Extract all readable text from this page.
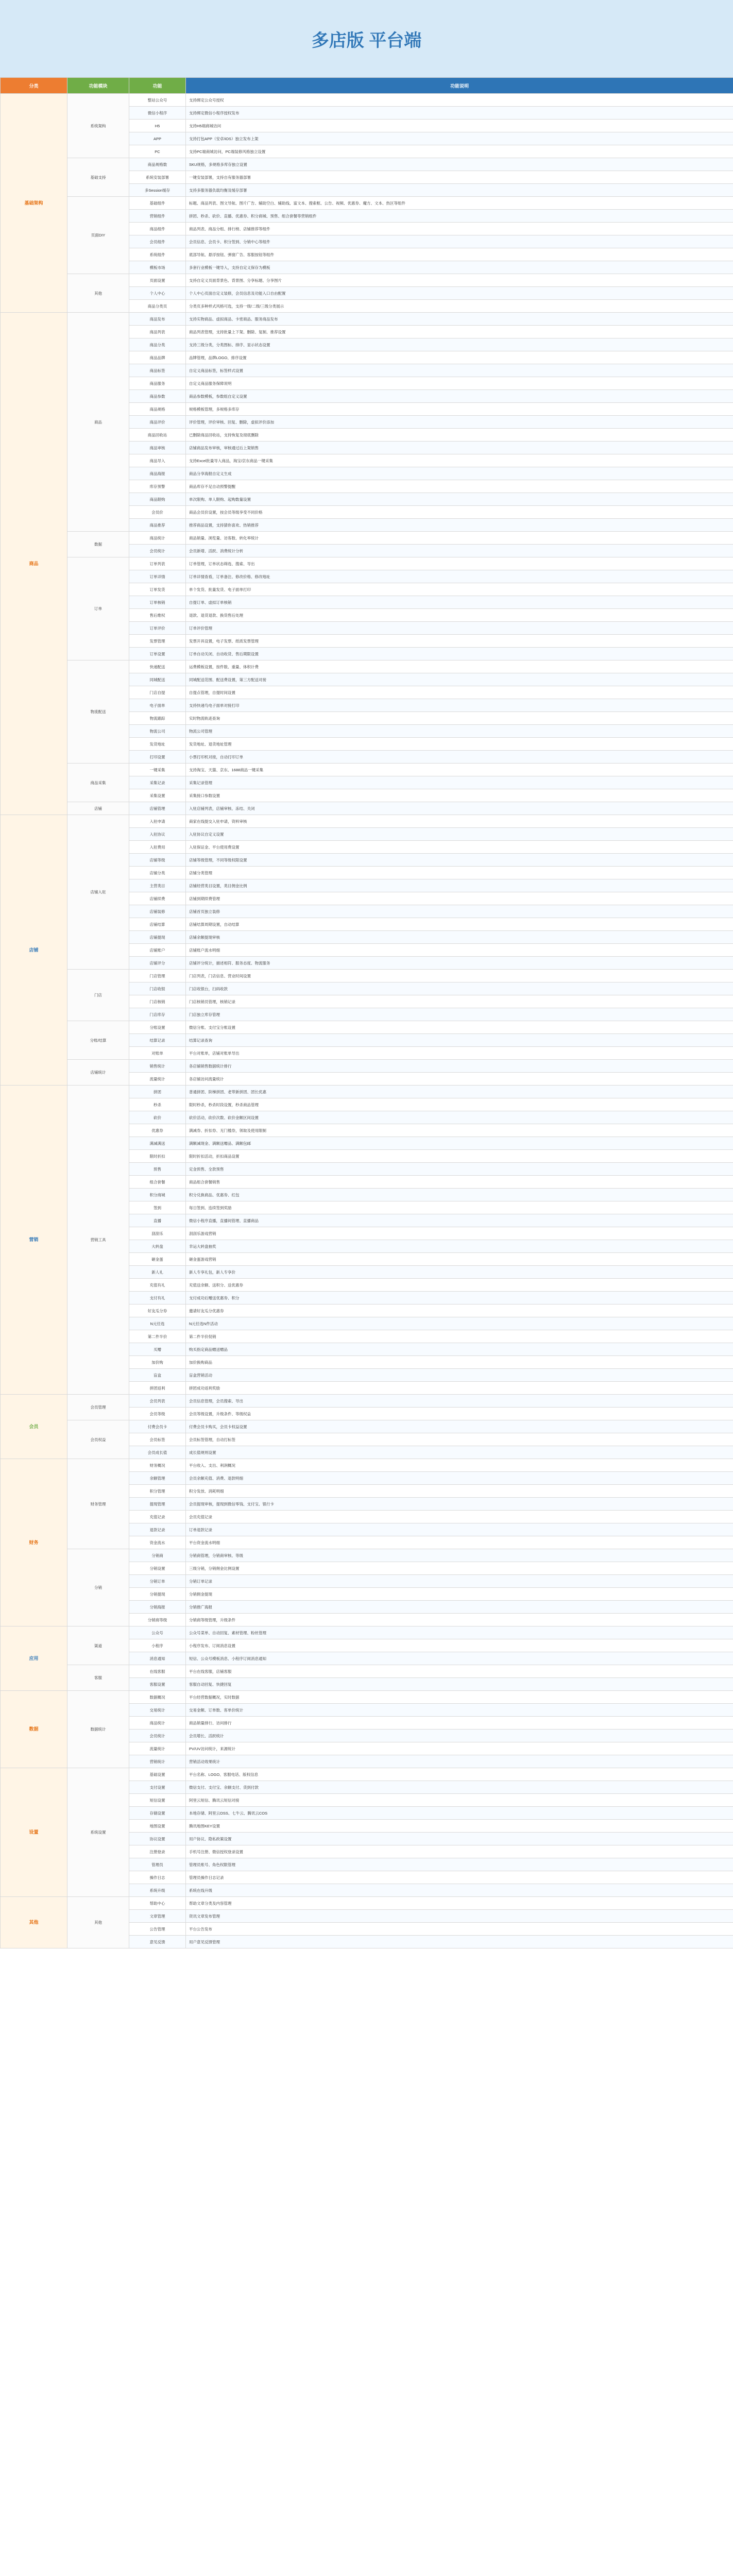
多店版 平台端
分类	功能模块	功能	功能说明
基础架构	系统架构	整站公众号	支持绑定公众号授权
		微信小程序	支持绑定微信小程序授权发布
		H5	支持H5端商城访问
		APP	支持打包APP（安卓/iOS）独立发布上架
		PC	支持PC端商城访问，PC端装修风格独立设置
	基础支持	商品规格数	SKU规格，多规格多库存独立设置
		系统安装部署	一键安装部署，支持自有服务器部署
		多Session缓存	支持多服务器负载均衡及缓存部署
	页面DIY	基础组件	标题、商品列表、图文导航、图片广告、辅助空白、辅助线、富文本、搜索框、公告、视频、优惠券、魔方、文本、热区等组件
		营销组件	拼团、秒杀、砍价、直播、优惠券、积分商城、预售、组合套餐等营销组件
		商品组件	商品列表、商品分组、排行榜、店铺推荐等组件
		会员组件	会员信息、会员卡、积分签到、分销中心等组件
		系统组件	底部导航、悬浮按钮、弹窗广告、客服按钮等组件
		模板市场	多套行业模板一键导入，支持自定义保存为模板
	其他	页面设置	支持自定义页面背景色、背景图、分享标题、分享图片
		个人中心	个人中心页面自定义装修，会员信息及功能入口自由配置
		商品分类页	分类页多种样式风格可选，支持一级/二级/三级分类展示
商品	商品	商品发布	支持实物商品、虚拟商品、卡密商品、服务商品发布
		商品列表	商品列表管理，支持批量上下架、删除、复制、推荐设置
		商品分类	支持三级分类，分类图标、排序、显示状态设置
		商品品牌	品牌管理，品牌LOGO、排序设置
		商品标签	自定义商品标签，标签样式设置
		商品服务	自定义商品服务保障说明
		商品参数	商品参数模板，参数组自定义设置
		商品规格	规格模板管理，多规格多库存
		商品评价	评价管理，评价审核、回复、删除，虚拟评价添加
		商品回收站	已删除商品回收站，支持恢复及彻底删除
		商品审核	店铺商品发布审核，审核通过后上架销售
		商品导入	支持Excel批量导入商品，淘宝/京东商品一键采集
		商品海报	商品分享海报自定义生成
		库存预警	商品库存不足自动预警提醒
		商品限购	单次限购、单人限购、起购数量设置
		会员价	商品会员价设置，按会员等级享受不同价格
		商品推荐	推荐商品设置，支持猜你喜欢、热销推荐
	数据	商品统计	商品销量、浏览量、访客数、转化率统计
		会员统计	会员新增、活跃、消费统计分析
	订单	订单列表	订单管理，订单状态筛选、搜索、导出
		订单详情	订单详情查看，订单备注、修改价格、修改地址
		订单发货	单个发货、批量发货、电子面单打印
		订单核销	自提订单、虚拟订单核销
		售后维权	退款、退货退款、换货售后处理
		订单评价	订单评价管理
		发票管理	发票开具设置，电子发票、纸质发票管理
		订单设置	订单自动关闭、自动收货、售后期限设置
	物流配送	快递配送	运费模板设置，按件数、重量、体积计费
		同城配送	同城配送范围、配送费设置，第三方配送对接
		门店自提	自提点管理，自提时间设置
		电子面单	支持快递鸟电子面单对接打印
		物流跟踪	实时物流轨迹查询
		物流公司	物流公司管理
		发货地址	发货地址、退货地址管理
		打印设置	小票打印机对接，自动打印订单
	商品采集	一键采集	支持淘宝、天猫、京东、1688商品一键采集
		采集记录	采集记录管理
		采集设置	采集接口参数设置
	店铺	店铺管理	入驻店铺列表，店铺审核、冻结、关闭
店铺	店铺入驻	入驻申请	商家在线提交入驻申请，资料审核
		入驻协议	入驻协议自定义设置
		入驻费用	入驻保证金、平台使用费设置
		店铺等级	店铺等级管理，不同等级权限设置
		店铺分类	店铺分类管理
		主营类目	店铺经营类目设置，类目佣金比例
		店铺续费	店铺到期续费管理
		店铺装修	店铺首页独立装修
		店铺结算	店铺结算周期设置，自动结算
		店铺提现	店铺余额提现审核
		店铺账户	店铺账户流水明细
		店铺评分	店铺评分统计，描述相符、服务态度、物流服务
	门店	门店管理	门店列表，门店信息、营业时间设置
		门店收银	门店收银台，扫码收款
		门店核销	门店核销员管理，核销记录
		门店库存	门店独立库存管理
	分账/结算	分账设置	微信分账、支付宝分账设置
		结算记录	结算记录查询
		对账单	平台对账单，店铺对账单导出
	店铺统计	销售统计	各店铺销售数据统计排行
		流量统计	各店铺访问流量统计
营销	营销工具	拼团	普通拼团、阶梯拼团、老带新拼团、团长优惠
		秒杀	限时秒杀，秒杀时段设置，秒杀商品管理
		砍价	砍价活动，砍价次数、砍价金额区间设置
		优惠券	满减券、折扣券、无门槛券，领取及使用限制
		满减满送	满额减现金、满额送赠品、满额包邮
		限时折扣	限时折扣活动，折扣商品设置
		预售	定金预售、全款预售
		组合套餐	商品组合套餐销售
		积分商城	积分兑换商品、优惠券、红包
		签到	每日签到、连续签到奖励
		直播	微信小程序直播，直播间管理、直播商品
		刮刮乐	刮刮乐游戏营销
		大转盘	幸运大转盘抽奖
		砸金蛋	砸金蛋游戏营销
		新人礼	新人专享礼包，新人专享价
		充值有礼	充值送余额、送积分、送优惠券
		支付有礼	支付成功后赠送优惠券、积分
		好友瓜分券	邀请好友瓜分优惠券
		N元任选	N元任选N件活动
		第二件半价	第二件半价促销
		买赠	购买指定商品赠送赠品
		加价购	加价换购商品
		盲盒	盲盒营销活动
		拼团返利	拼团成功返利奖励
会员	会员管理	会员列表	会员信息管理，会员搜索、导出
		会员等级	会员等级设置，升级条件、等级权益
	会员权益	付费会员卡	付费会员卡购买，会员卡权益设置
		会员标签	会员标签管理，自动打标签
		会员成长值	成长值规则设置
财务	财务管理	财务概况	平台收入、支出、利润概况
		余额管理	会员余额充值、消费、退款明细
		积分管理	积分发放、消耗明细
		提现管理	会员提现审核，提现到微信零钱、支付宝、银行卡
		充值记录	会员充值记录
		退款记录	订单退款记录
		资金流水	平台资金流水明细
	分销	分销商	分销商管理，分销商审核、等级
		分销设置	三级分销，分销佣金比例设置
		分销订单	分销订单记录
		分销提现	分销佣金提现
		分销海报	分销推广海报
		分销商等级	分销商等级管理，升级条件
应用	渠道	公众号	公众号菜单、自动回复、素材管理、粉丝管理
		小程序	小程序发布、订阅消息设置
		消息通知	短信、公众号模板消息、小程序订阅消息通知
	客服	在线客服	平台在线客服，店铺客服
		客服设置	客服自动回复、快捷回复
数据	数据统计	数据概况	平台经营数据概况，实时数据
		交易统计	交易金额、订单数、客单价统计
		商品统计	商品销量排行、访问排行
		会员统计	会员增长、活跃统计
		流量统计	PV/UV访问统计，来源统计
		营销统计	营销活动效果统计
设置	系统设置	基础设置	平台名称、LOGO、客服电话、版权信息
		支付设置	微信支付、支付宝、余额支付、货到付款
		短信设置	阿里云短信、腾讯云短信对接
		存储设置	本地存储、阿里云OSS、七牛云、腾讯云COS
		地图设置	腾讯地图KEY设置
		协议设置	用户协议、隐私政策设置
		注册登录	手机号注册、微信授权登录设置
		管理员	管理员账号、角色权限管理
		操作日志	管理员操作日志记录
		系统升级	系统在线升级
其他	其他	帮助中心	帮助文章分类及内容管理
		文章管理	资讯文章发布管理
		公告管理	平台公告发布
		意见反馈	用户意见反馈管理
